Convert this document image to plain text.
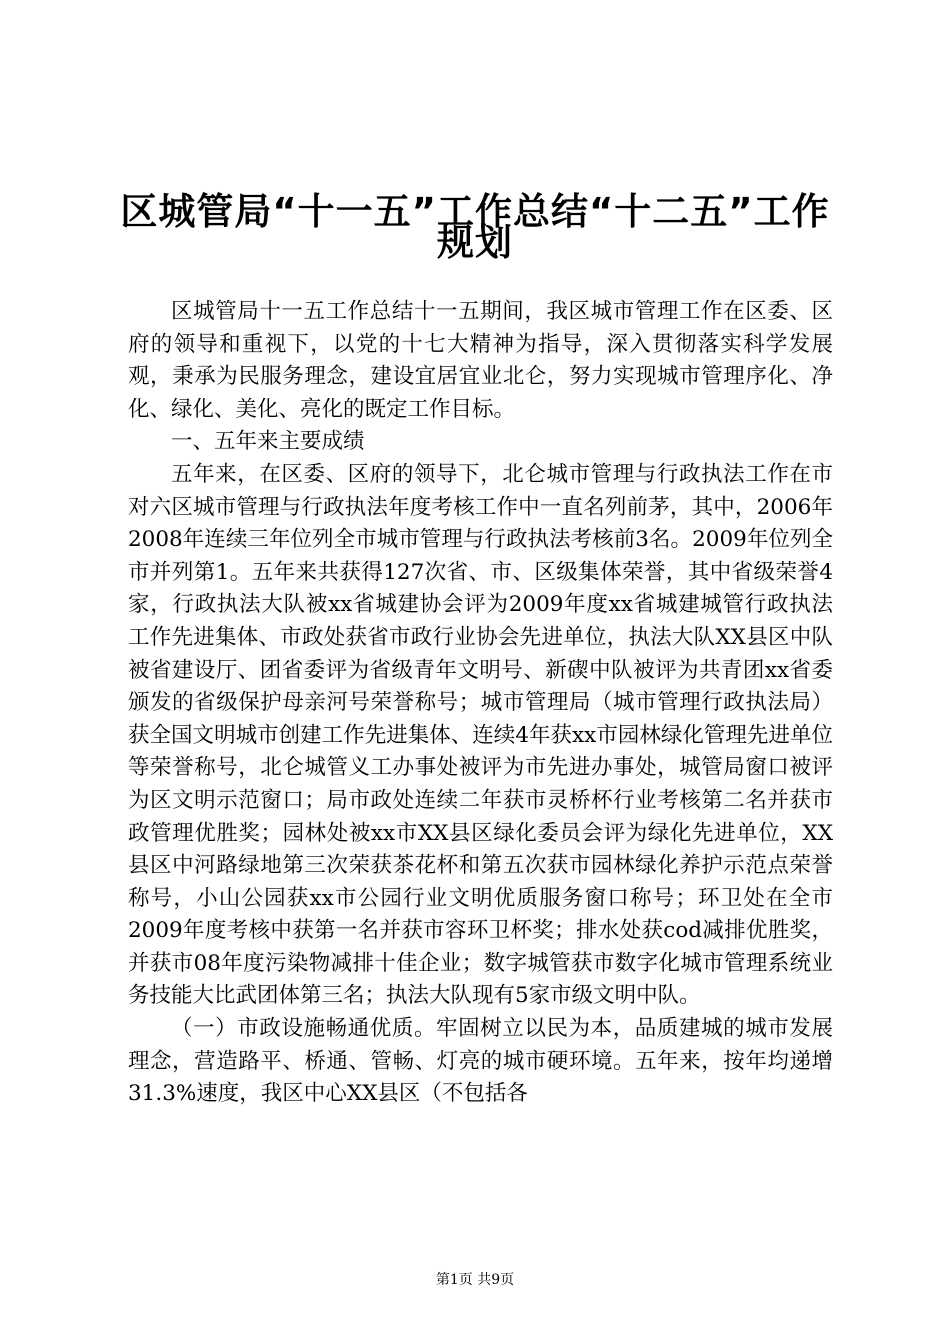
区城管局“十一五”工作总结“十二五”工作
规划

区城管局十一五工作总结十一五期间，我区城市管理工作在区委、区府的领导和重视下，以党的十七大精神为指导，深入贯彻落实科学发展观，秉承为民服务理念，建设宜居宜业北仑，努力实现城市管理序化、净化、绿化、美化、亮化的既定工作目标。

一、五年来主要成绩

五年来，在区委、区府的领导下，北仑城市管理与行政执法工作在市对六区城市管理与行政执法年度考核工作中一直名列前茅，其中，2006年2008年连续三年位列全市城市管理与行政执法考核前3名。2009年位列全市并列第1。五年来共获得127次省、市、区级集体荣誉，其中省级荣誉4家，行政执法大队被xx省城建协会评为2009年度xx省城建城管行政执法工作先进集体、市政处获省市政行业协会先进单位，执法大队XX县区中队被省建设厅、团省委评为省级青年文明号、新碶中队被评为共青团xx省委颁发的省级保护母亲河号荣誉称号；城市管理局（城市管理行政执法局）获全国文明城市创建工作先进集体、连续4年获xx市园林绿化管理先进单位等荣誉称号，北仑城管义工办事处被评为市先进办事处，城管局窗口被评为区文明示范窗口；局市政处连续二年获市灵桥杯行业考核第二名并获市政管理优胜奖；园林处被xx市XX县区绿化委员会评为绿化先进单位，XX县区中河路绿地第三次荣获茶花杯和第五次获市园林绿化养护示范点荣誉称号，小山公园获xx市公园行业文明优质服务窗口称号；环卫处在全市2009年度考核中获第一名并获市容环卫杯奖；排水处获cod减排优胜奖，并获市08年度污染物减排十佳企业；数字城管获市数字化城市管理系统业务技能大比武团体第三名；执法大队现有5家市级文明中队。

（一）市政设施畅通优质。牢固树立以民为本，品质建城的城市发展理念，营造路平、桥通、管畅、灯亮的城市硬环境。五年来，按年均递增31.3%速度，我区中心XX县区（不包括各

第1页 共9页
